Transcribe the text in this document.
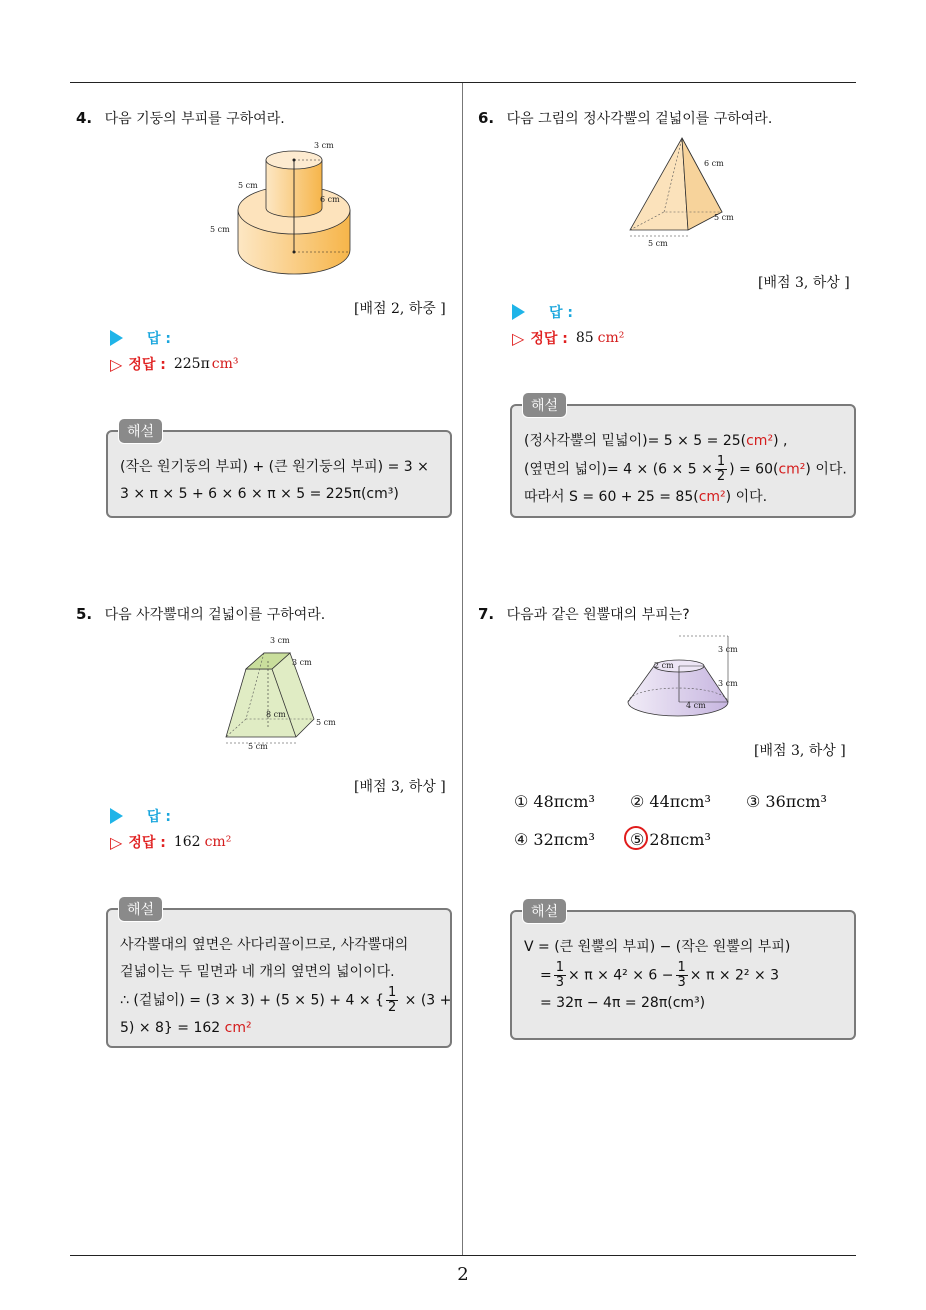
2
4. 다음 기둥의 부피를 구하여라.
3 cm
5 cm
6 cm
5 cm
[배점 2, 하중 ]
답 :
▷ 정답 : 225π cm³
(작은 원기둥의 부피) + (큰 원기둥의 부피) = 3 ×
3 × π × 5 + 6 × 6 × π × 5 = 225π(cm³)
해설
5. 다음 사각뿔대의 겉넓이를 구하여라.
3 cm
3 cm
8 cm
5 cm
5 cm
[배점 3, 하상 ]
답 :
▷ 정답 : 162 cm²
사각뿔대의 옆면은 사다리꼴이므로, 사각뿔대의
겉넓이는 두 밑면과 네 개의 옆면의 넓이이다.
∴ (겉넓이) = (3 × 3) + (5 × 5) + 4 × { $\frac{1}{2} \times (3$ +
5) × 8} = 162 cm²
해설
6. 다음 그림의 정사각뿔의 겉넓이를 구하여라.
6 cm
5 cm
5 cm
[배점 3, 하상 ]
답 :
▷ 정답 : 85 cm²
(정사각뿔의 밑넓이)= 5 × 5 = 25(cm²) ,
(옆면의 넓이)= $4 \times (6 \times 5 \times \frac{1}{2}$ ) = 60(cm²) 이다.
따라서 S = 60 + 25 = 85(cm²) 이다.
해설
7. 다음과 같은 원뿔대의 부피는?
3 cm
2 cm
3 cm
4 cm
[배점 3, 하상 ]
① 48πcm³ ② 44πcm³ ③ 36πcm³
④ 32πcm³ ⑤ 28πcm³
V = (큰 원뿔의 부피) − (작은 원뿔의 부피)
= $\frac{1}{3} \times \pi \times 4^2 \times 6 - \frac{1}{3} \times \pi \times 2^2 \times 3$
= 32π − 4π = 28π(cm³)
해설
